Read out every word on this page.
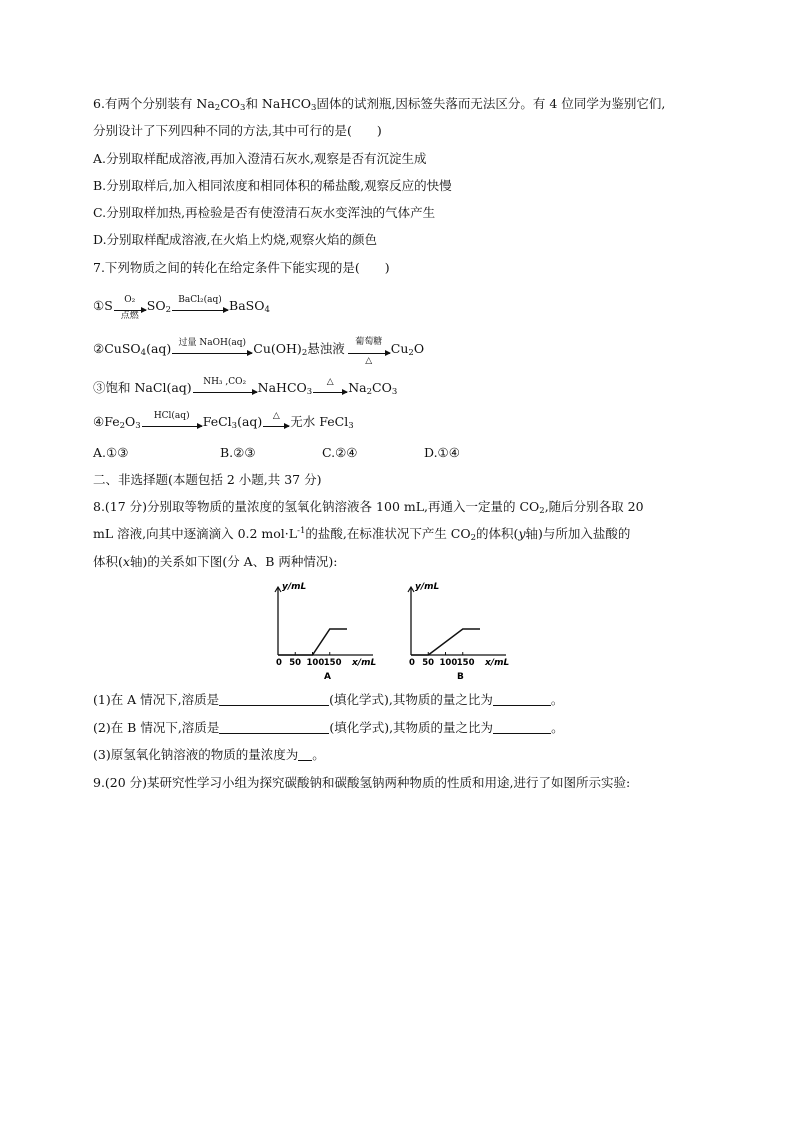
6.有两个分别装有 $Na_2CO_3$和 NaHCO$_3$固体的试剂瓶,因标签失落而无法区分。有 4 位同学为鉴别它们,
分别设计了下列四种不同的方法,其中可行的是(　　)
A.分别取样配成溶液,再加入澄清石灰水,观察是否有沉淀生成
B.分别取样后,加入相同浓度和相同体积的稀盐酸,观察反应的快慢
C.分别取样加热,再检验是否有使澄清石灰水变浑浊的气体产生
D.分别取样配成溶液,在火焰上灼烧,观察火焰的颜色
7.下列物质之间的转化在给定条件下能实现的是(　　)
①S	O₂
点燃
$SO_2$
BaCl₂(aq) BaSO$_4$
②CuSO$_4$(aq) 过量 NaOH(aq) $Cu(OH)_2$悬浊液	葡萄糖
△
$Cu_2O$
③饱和 NaCl(aq)	NH₃ ,CO₂ NaHCO$_3$
△	$Na_2CO_3$
$④Fe_2O_3$
HCl(aq)	FeCl$_3$(aq)	△ 无水 FeCl$_3$
A.①③	B.②③	C.②④	D.①④
二、非选择题(本题包括 2 小题,共 37 分)
8.(17 分)分别取等物质的量浓度的氢氧化钠溶液各 100 mL,再通入一定量的 $CO_2$,随后分别各取 20
mL 溶液,向其中逐滴滴入 0.2 $mol\cdot L^{-1}$的盐酸,在标准状况下产生 $CO_2$的体积(y轴)与所加入盐酸的
体积(x轴)的关系如下图(分 A、B 两种情况):
y/mL
x/mL
0 50 100 150
A
y/mL
x/mL
0 50 100 150
B
(1)在 A 情况下,溶质是	(填化学式),其物质的量之比为	。
(2)在 B 情况下,溶质是	(填化学式),其物质的量之比为	。
(3)原氢氧化钠溶液的物质的量浓度为 。
9.(20 分)某研究性学习小组为探究碳酸钠和碳酸氢钠两种物质的性质和用途,进行了如图所示实验:
